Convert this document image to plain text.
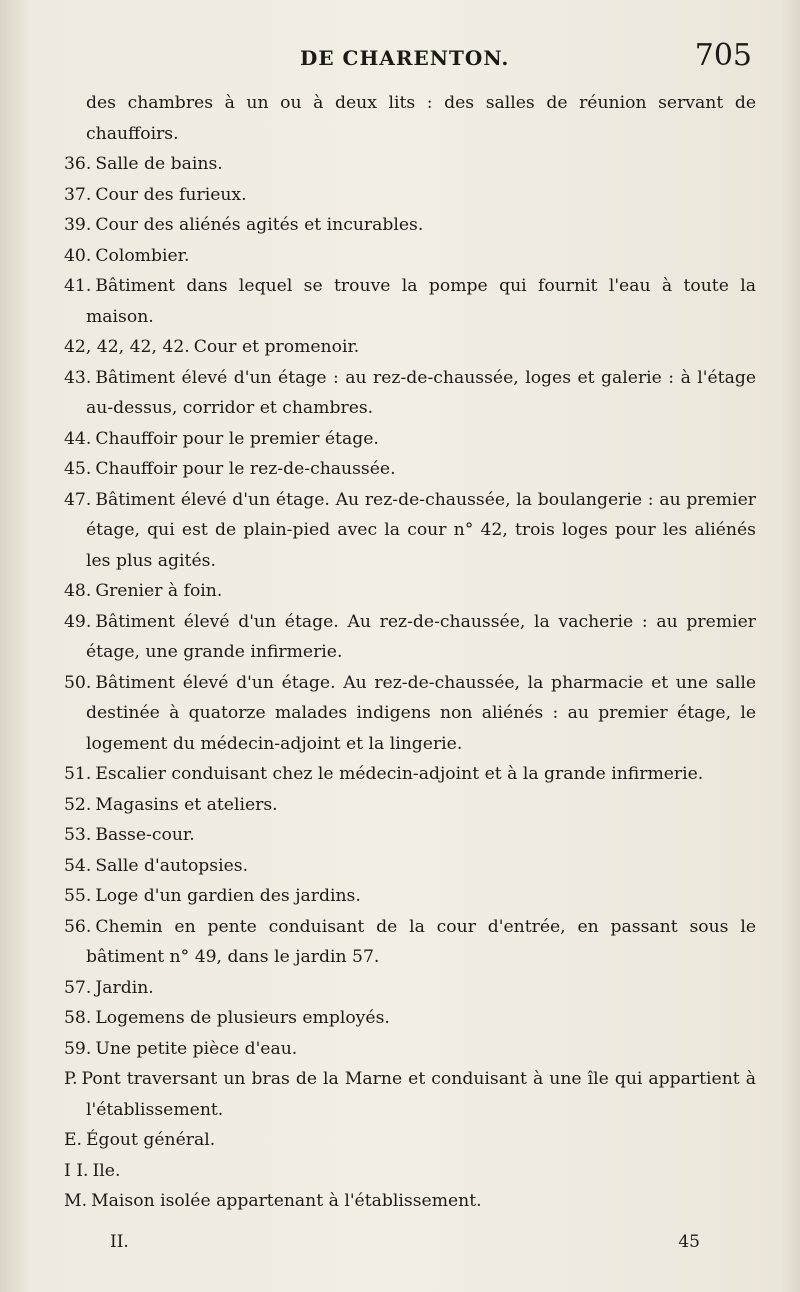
DE CHARENTON.	705

des chambres à un ou à deux lits : des salles de réunion servant de chauffoirs.

36. Salle de bains.

37. Cour des furieux.

39. Cour des aliénés agités et incurables.

40. Colombier.

41. Bâtiment dans lequel se trouve la pompe qui fournit l'eau à toute la maison.

42, 42, 42, 42. Cour et promenoir.

43. Bâtiment élevé d'un étage : au rez-de-chaussée, loges et galerie : à l'étage au-dessus, corridor et chambres.

44. Chauffoir pour le premier étage.

45. Chauffoir pour le rez-de-chaussée.

47. Bâtiment élevé d'un étage. Au rez-de-chaussée, la boulangerie : au premier étage, qui est de plain-pied avec la cour n° 42, trois loges pour les aliénés les plus agités.

48. Grenier à foin.

49. Bâtiment élevé d'un étage. Au rez-de-chaussée, la vacherie : au premier étage, une grande infirmerie.

50. Bâtiment élevé d'un étage. Au rez-de-chaussée, la pharmacie et une salle destinée à quatorze malades indigens non aliénés : au premier étage, le logement du médecin-adjoint et la lingerie.

51. Escalier conduisant chez le médecin-adjoint et à la grande infirmerie.

52. Magasins et ateliers.

53. Basse-cour.

54. Salle d'autopsies.

55. Loge d'un gardien des jardins.

56. Chemin en pente conduisant de la cour d'entrée, en passant sous le bâtiment n° 49, dans le jardin 57.

57. Jardin.

58. Logemens de plusieurs employés.

59. Une petite pièce d'eau.

P. Pont traversant un bras de la Marne et conduisant à une île qui appartient à l'établissement.

E. Égout général.

I I. Ile.

M. Maison isolée appartenant à l'établissement.

II.	45
